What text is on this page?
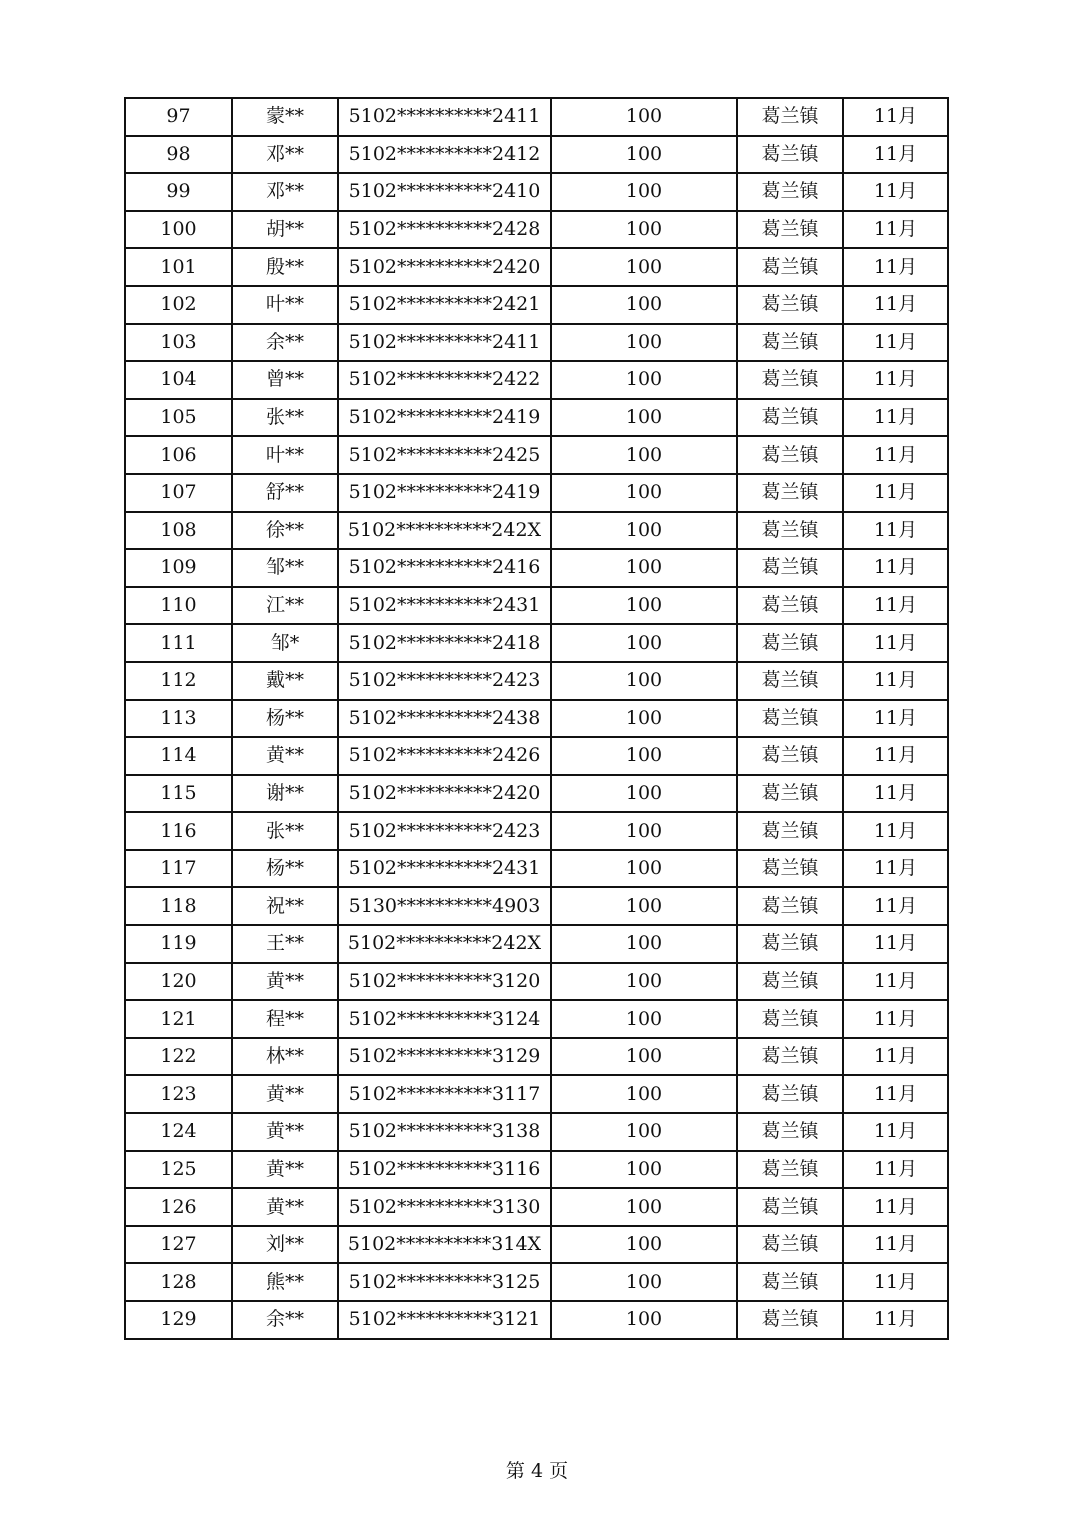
97	蒙**	5102**********2411	100	葛兰镇	11月
98	邓**	5102**********2412	100	葛兰镇	11月
99	邓**	5102**********2410	100	葛兰镇	11月
100	胡**	5102**********2428	100	葛兰镇	11月
101	殷**	5102**********2420	100	葛兰镇	11月
102	叶**	5102**********2421	100	葛兰镇	11月
103	余**	5102**********2411	100	葛兰镇	11月
104	曾**	5102**********2422	100	葛兰镇	11月
105	张**	5102**********2419	100	葛兰镇	11月
106	叶**	5102**********2425	100	葛兰镇	11月
107	舒**	5102**********2419	100	葛兰镇	11月
108	徐**	5102**********242X	100	葛兰镇	11月
109	邹**	5102**********2416	100	葛兰镇	11月
110	江**	5102**********2431	100	葛兰镇	11月
111	邹*	5102**********2418	100	葛兰镇	11月
112	戴**	5102**********2423	100	葛兰镇	11月
113	杨**	5102**********2438	100	葛兰镇	11月
114	黄**	5102**********2426	100	葛兰镇	11月
115	谢**	5102**********2420	100	葛兰镇	11月
116	张**	5102**********2423	100	葛兰镇	11月
117	杨**	5102**********2431	100	葛兰镇	11月
118	祝**	5130**********4903	100	葛兰镇	11月
119	王**	5102**********242X	100	葛兰镇	11月
120	黄**	5102**********3120	100	葛兰镇	11月
121	程**	5102**********3124	100	葛兰镇	11月
122	林**	5102**********3129	100	葛兰镇	11月
123	黄**	5102**********3117	100	葛兰镇	11月
124	黄**	5102**********3138	100	葛兰镇	11月
125	黄**	5102**********3116	100	葛兰镇	11月
126	黄**	5102**********3130	100	葛兰镇	11月
127	刘**	5102**********314X	100	葛兰镇	11月
128	熊**	5102**********3125	100	葛兰镇	11月
129	余**	5102**********3121	100	葛兰镇	11月
第 4 页
